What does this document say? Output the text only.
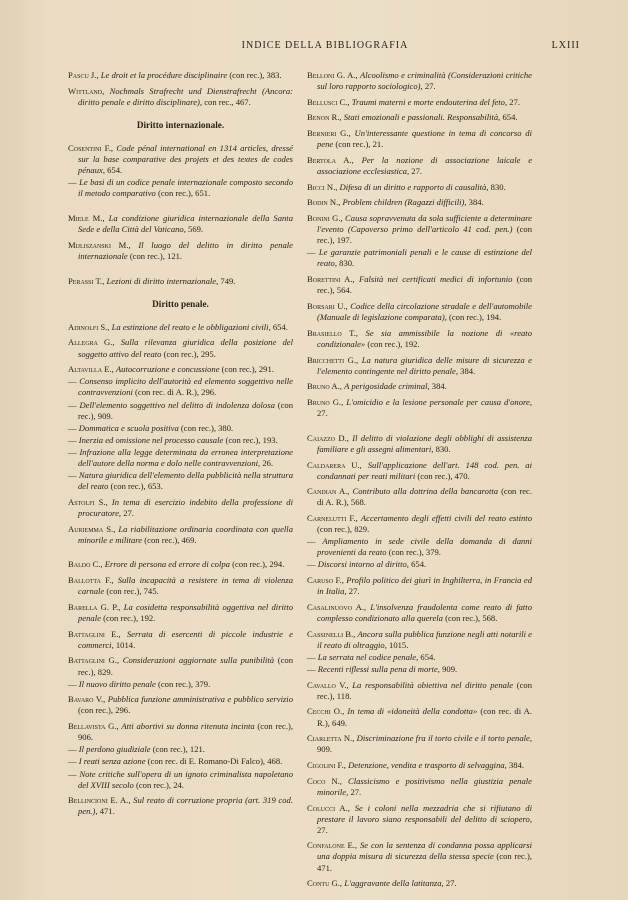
INDICE DELLA BIBLIOGRAFIA	LXIII

Pascu J., Le droit et la procédure disciplinaire (con rec.), 383.

Wittland, Nochmals Strafrecht und Dienstrafrecht (Ancora: diritto penale e diritto disciplinare), con rec., 467.

Diritto internazionale.

Cosentini F., Code pénal international en 1314 articles, dressé sur la base comparative des projets et des textes de codes pénaux, 654.

— Le basi di un codice penale internazionale composto secondo il metodo comparativo (con rec.), 651.

Miele M., La condizione giuridica internazionale della Santa Sede e della Città del Vaticano, 569.

Mijliszanski M., Il luogo del delitto in diritto penale internazionale (con rec.), 121.

Perassi T., Lezioni di diritto internazionale, 749.

Diritto penale.

Adinolfi S., La estinzione del reato e le obbligazioni civili, 654.

Allegra G., Sulla rilevanza giuridica della posizione del soggetto attivo del reato (con rec.), 295.

Altavilla E., Autocorruzione e concussione (con rec.), 291.

— Consenso implicito dell'autorità ed elemento soggettivo nelle contravvenzioni (con rec. di A. R.), 296.

— Dell'elemento soggettivo nel delitto di indolenza dolosa (con rec.), 909.

— Dommatica e scuola positiva (con rec.), 380.

— Inerzia ed omissione nel processo causale (con rec.), 193.

— Infrazione alla legge determinata da erronea interpretazione dell'autore della norma e dolo nelle contravvenzioni, 26.

— Natura giuridica dell'elemento della pubblicità nella struttura del reato (con rec.), 653.

Astolfi S., In tema di esercizio indebito della professione di procuratore, 27.

Auriemma S., La riabilitazione ordinaria coordinata con quella minorile e militare (con rec.), 469.

Baldo C., Errore di persona ed errore di colpa (con rec.), 294.

Ballotta F., Sulla incapacità a resistere in tema di violenza carnale (con rec.), 745.

Barella G. P., La cosidetta responsabilità oggettiva nel diritto penale (con rec.), 192.

Battaglini E., Serrata di esercenti di piccole industrie e commerci, 1014.

Battaglini G., Considerazioni aggiornate sulla punibilità (con rec.), 829.

— Il nuovo diritto penale (con rec.), 379.

Bavaro V., Pubblica funzione amministrativa e pubblico servizio (con rec.), 296.

Bellavista G., Atti abortivi su donna ritenuta incinta (con rec.), 906.

— Il perdono giudiziale (con rec.), 121.

— I reati senza azione (con rec. di E. Romano-Di Falco), 468.

— Note critiche sull'opera di un ignoto criminalista napoletano del XVIII secolo (con rec.), 24.

Bellincioni E. A., Sul reato di corruzione propria (art. 319 cod. pen.), 471.

Belloni G. A., Alcoolismo e criminalità (Considerazioni critiche sul loro rapporto sociologico), 27.

Bellusci C., Traumi materni e morte endouterina del feto, 27.

Benon R., Stati emozionali e passionali. Responsabilità, 654.

Bernieri G., Un'interessante questione in tema di concorso di pene (con rec.), 21.

Bertola A., Per la nozione di associazione laicale e associazione ecclesiastica, 27.

Bicci N., Difesa di un diritto e rapporto di causalità, 830.

Bodin N., Problem children (Ragazzi difficili), 384.

Bonini G., Causa sopravvenuta da sola sufficiente a determinare l'evento (Capoverso primo dell'articolo 41 cod. pen.) (con rec.), 197.

— Le garanzie patrimoniali penali e le cause di estinzione del reato, 830.

Borettini A., Falsità nei certificati medici di infortunio (con rec.), 564.

Borsari U., Codice della circolazione stradale e dell'automobile (Manuale di legislazione comparata), (con rec.), 194.

Brasiello T., Se sia ammissibile la nozione di «reato condizionale» (con rec.), 192.

Bricchetti G., La natura giuridica delle misure di sicurezza e l'elemento contingente nel diritto penale, 384.

Bruno A., A perigosidade criminal, 384.

Bruno G., L'omicidio e la lesione personale per causa d'onore, 27.

Caiazzo D., Il delitto di violazione degli obblighi di assistenza familiare e gli assegni alimentari, 830.

Caldarera U., Sull'applicazione dell'art. 148 cod. pen. ai condannati per reati militari (con rec.), 470.

Candian A., Contributo alla dottrina della bancarotta (con rec. di A. R.), 568.

Carnelutti F., Accertamento degli effetti civili del reato estinto (con rec.), 829.

— Ampliamento in sede civile della domanda di danni provenienti da reato (con rec.), 379.

— Discorsi intorno al diritto, 654.

Caruso F., Profilo politico dei giurì in Inghilterra, in Francia ed in Italia, 27.

Casalinuovo A., L'insolvenza fraudolenta come reato di fatto complesso condizionato alla querela (con rec.), 568.

Cassinelli B., Ancora sulla pubblica funzione negli atti notarili e il reato di oltraggio, 1015.

— La serrata nel codice penale, 654.

— Recenti riflessi sulla pena di morte, 909.

Cavallo V., La responsabilità obiettiva nel diritto penale (con rec.), 118.

Cecchi O., In tema di «idoneità della condotta» (con rec. di A. R.), 649.

Ciarletta N., Discriminazione fra il torto civile e il torto penale, 909.

Cigolini F., Detenzione, vendita e trasporto di selvaggina, 384.

Coco N., Classicismo e positivismo nella giustizia penale minorile, 27.

Colucci A., Se i coloni nella mezzadria che si rifiutano di prestare il lavoro siano responsabili del delitto di sciopero, 27.

Confalone E., Se con la sentenza di condanna possa applicarsi una doppia misura di sicurezza della stessa specie (con rec.), 471.

Contu G., L'aggravante della latitanza, 27.
